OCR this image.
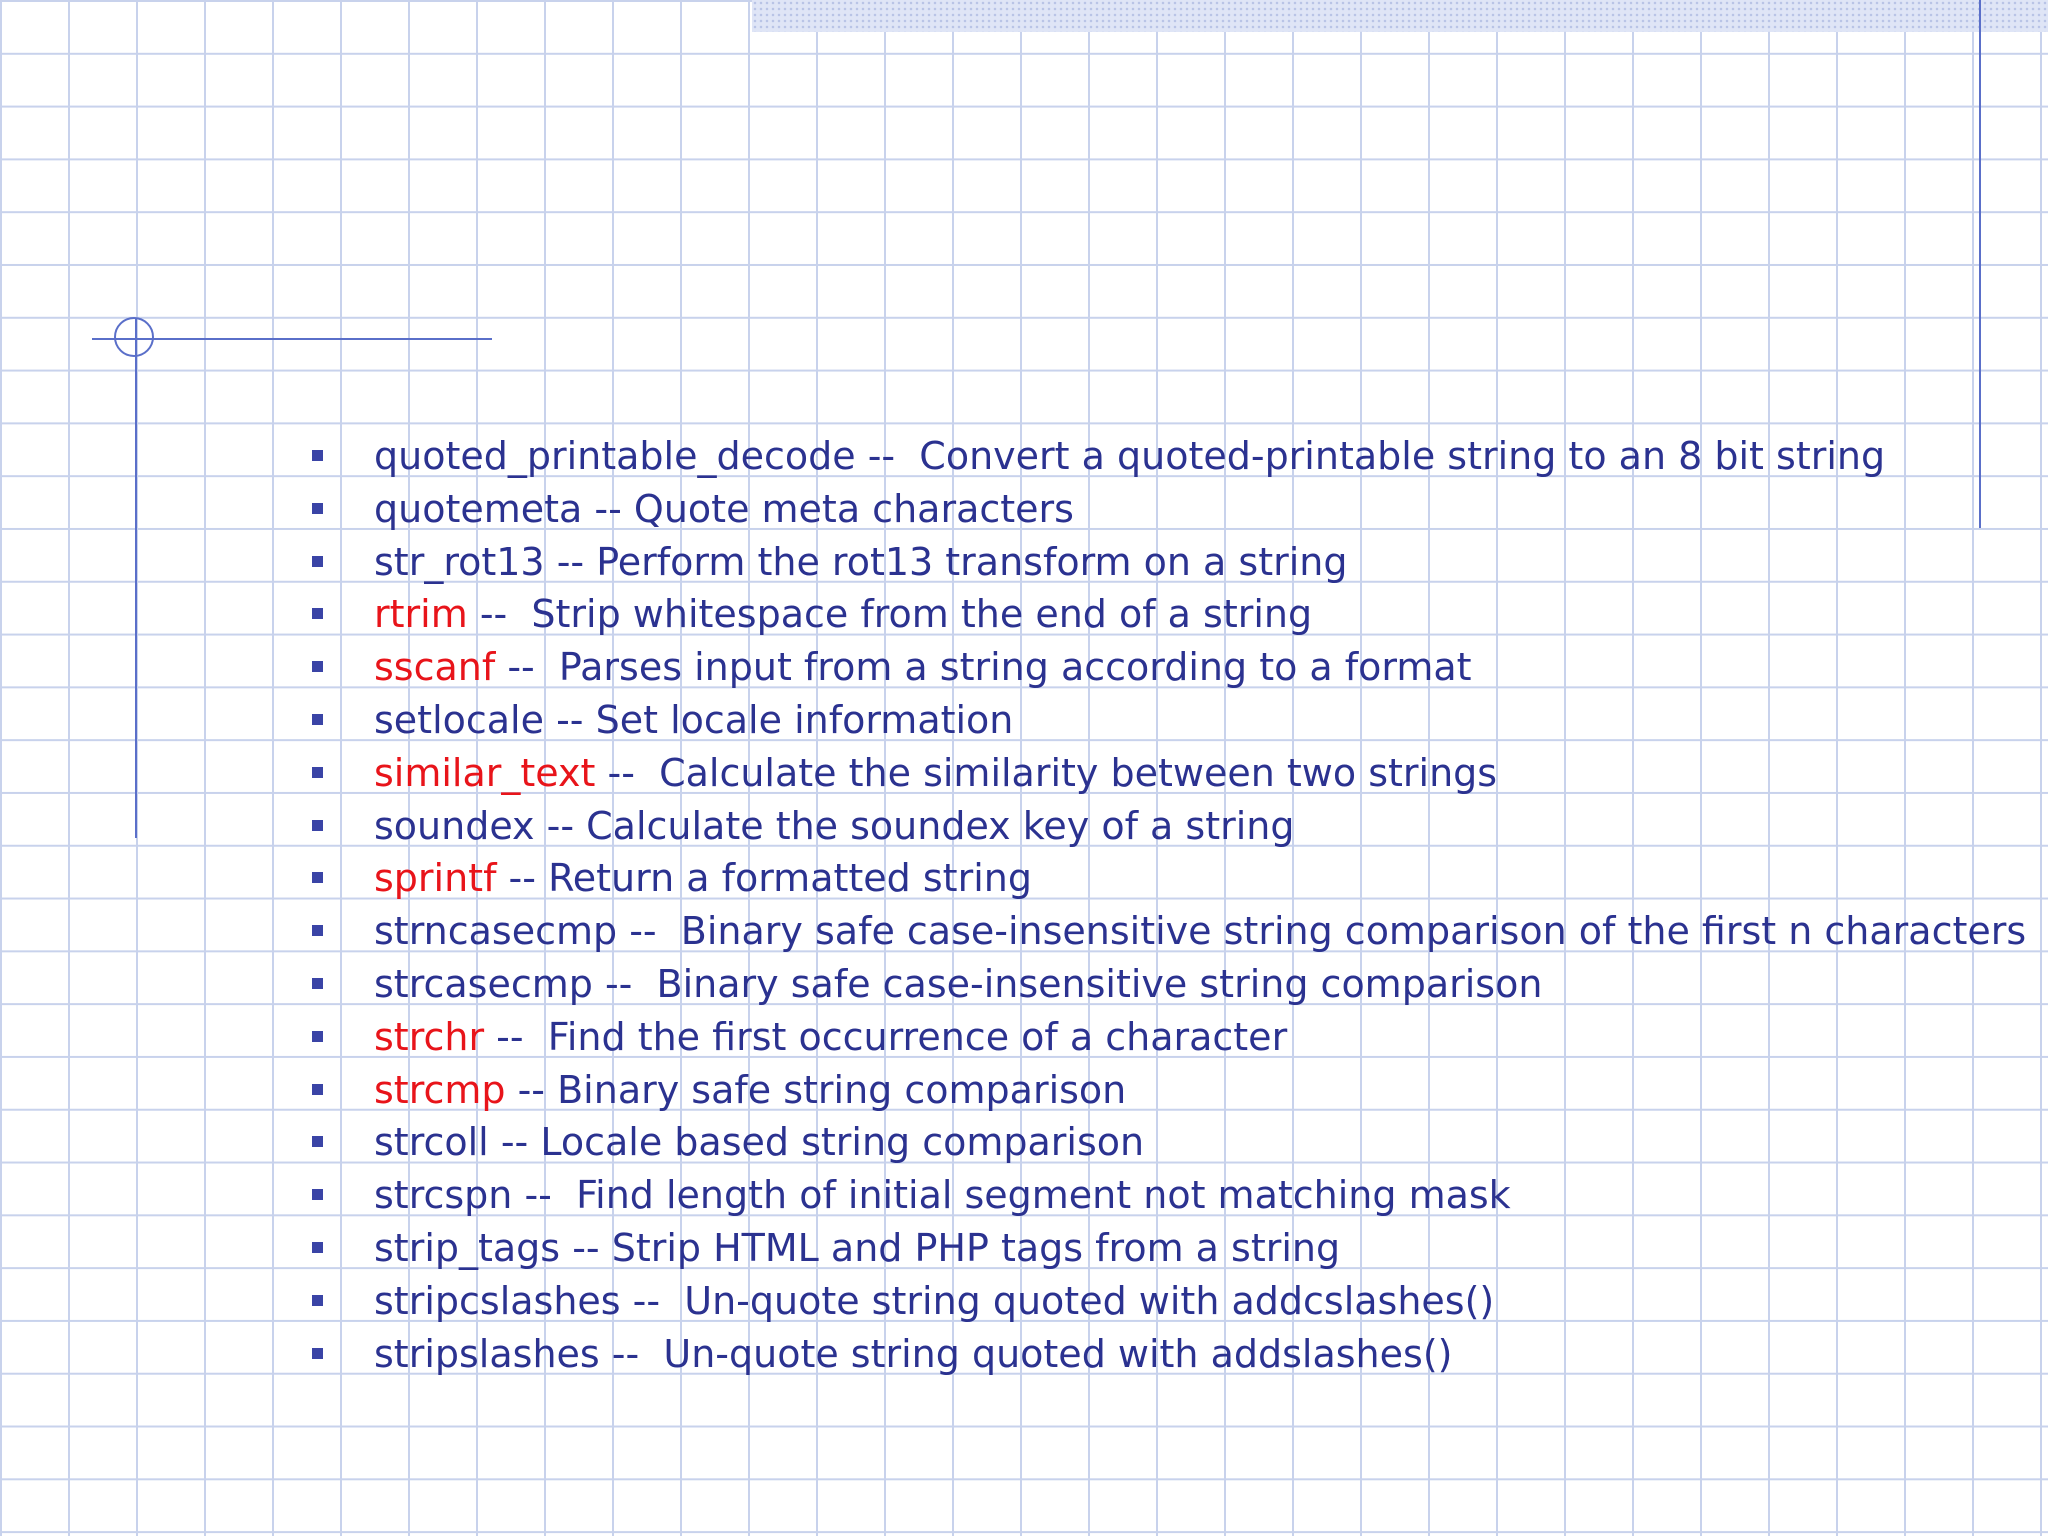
quoted_printable_decode --  Convert a quoted-printable string to an 8 bit string
quotemeta -- Quote meta characters
str_rot13 -- Perform the rot13 transform on a string
rtrim --  Strip whitespace from the end of a string
sscanf --  Parses input from a string according to a format
setlocale -- Set locale information
similar_text --  Calculate the similarity between two strings
soundex -- Calculate the soundex key of a string
sprintf -- Return a formatted string
strncasecmp --  Binary safe case-insensitive string comparison of the first n characters
strcasecmp --  Binary safe case-insensitive string comparison
strchr --  Find the first occurrence of a character
strcmp -- Binary safe string comparison
strcoll -- Locale based string comparison
strcspn --  Find length of initial segment not matching mask
strip_tags -- Strip HTML and PHP tags from a string
stripcslashes --  Un-quote string quoted with addcslashes()
stripslashes --  Un-quote string quoted with addslashes()
